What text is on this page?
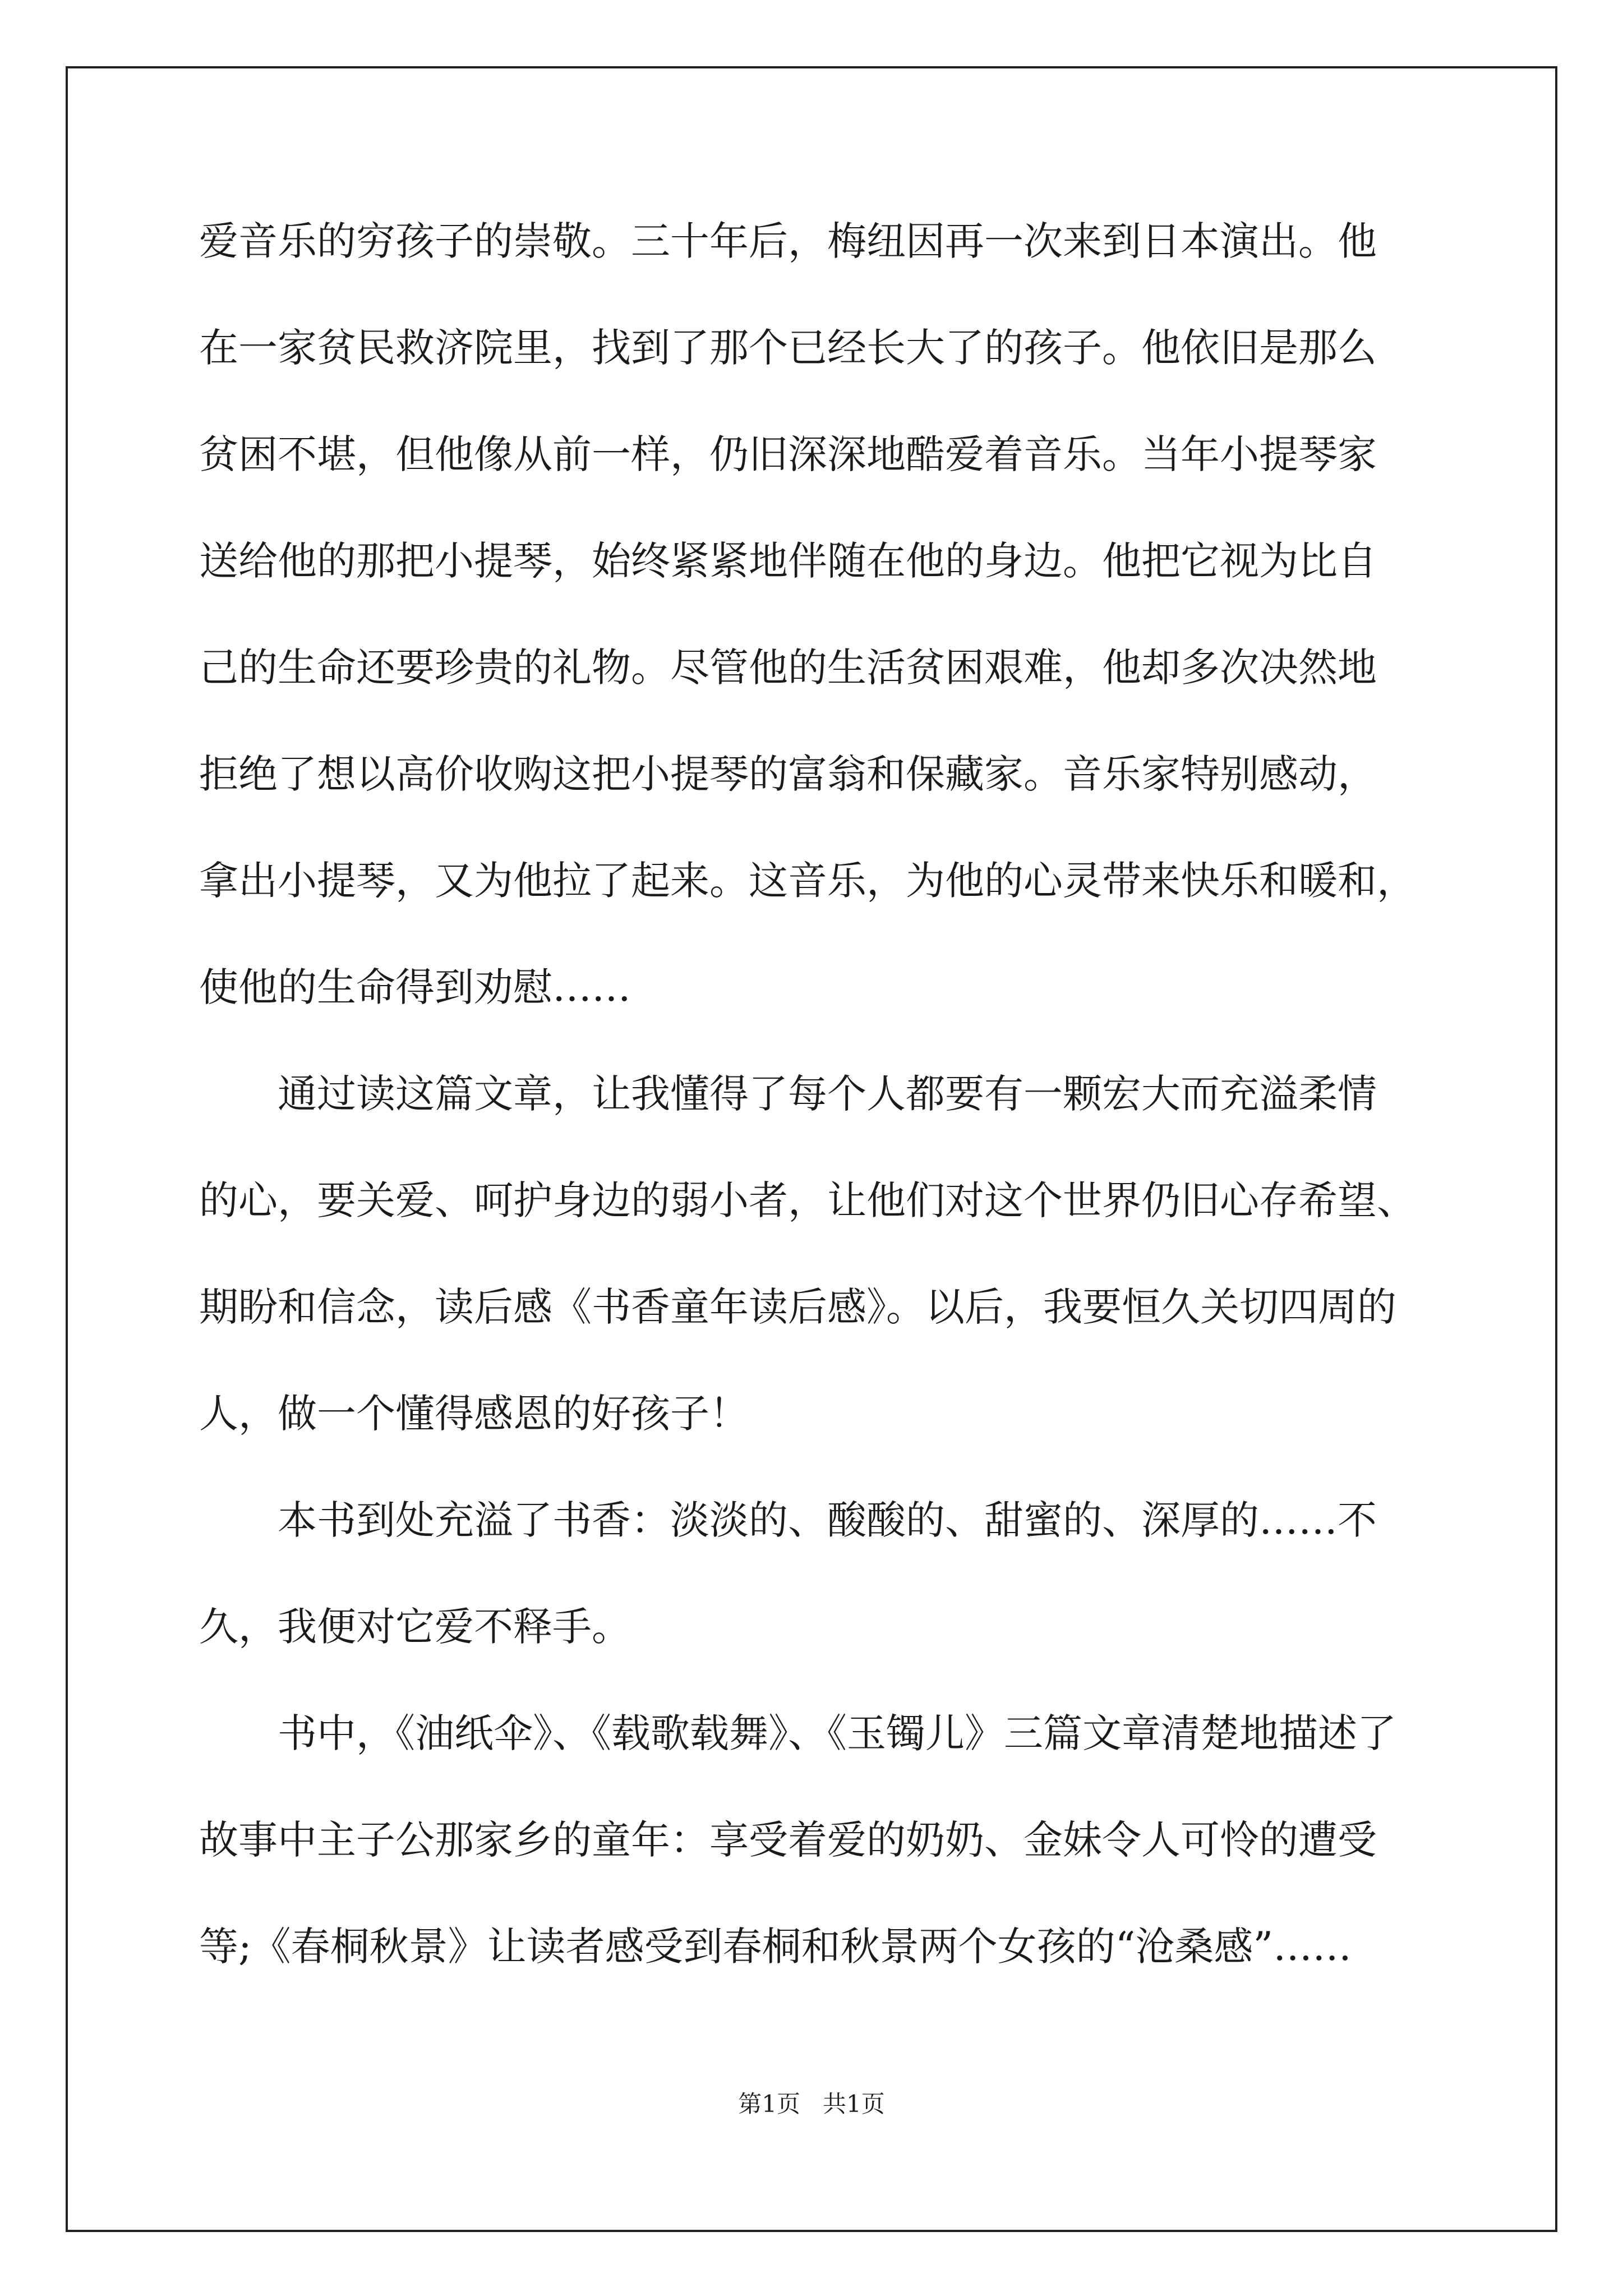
爱音乐的穷孩子的崇敬。三十年后，梅纽因再一次来到日本演出。他
在一家贫民救济院里，找到了那个已经长大了的孩子。他依旧是那么
贫困不堪，但他像从前一样，仍旧深深地酷爱着音乐。当年小提琴家
送给他的那把小提琴，始终紧紧地伴随在他的身边。他把它视为比自
己的生命还要珍贵的礼物。尽管他的生活贫困艰难，他却多次决然地
拒绝了想以高价收购这把小提琴的富翁和保藏家。音乐家特别感动，
拿出小提琴，又为他拉了起来。这音乐，为他的心灵带来快乐和暖和，
使他的生命得到劝慰……
通过读这篇文章，让我懂得了每个人都要有一颗宏大而充溢柔情
的心，要关爱、呵护身边的弱小者，让他们对这个世界仍旧心存希望、
期盼和信念，读后感《书香童年读后感》。以后，我要恒久关切四周的
人，做一个懂得感恩的好孩子！
本书到处充溢了书香：淡淡的、酸酸的、甜蜜的、深厚的……不
久，我便对它爱不释手。
书中，《油纸伞》、《载歌载舞》、《玉镯儿》三篇文章清楚地描述了
故事中主子公那家乡的童年：享受着爱的奶奶、金妹令人可怜的遭受
等;《春桐秋景》让读者感受到春桐和秋景两个女孩的“沧桑感”……
第1页   共1页
